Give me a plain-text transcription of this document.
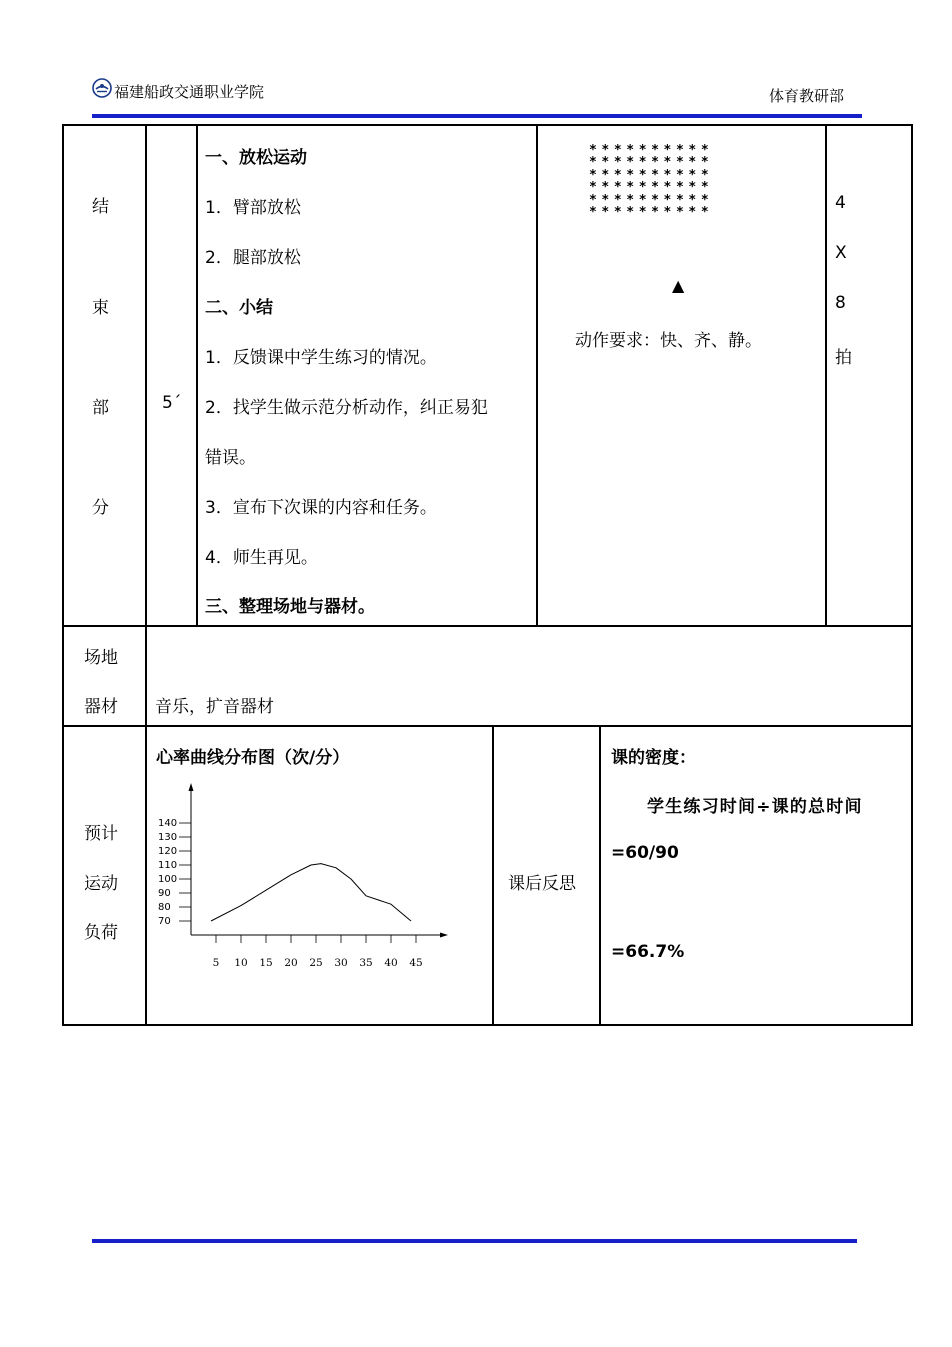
福建船政交通职业学院	体育教研部
结
束
部
分
5´
一、放松运动
1．臂部放松
2．腿部放松
二、小结
1．反馈课中学生练习的情况。
2．找学生做示范分析动作，纠正易犯
错误。
3．宣布下次课的内容和任务。
4．师生再见。
三、整理场地与器材。
**********
**********
**********
**********
**********
**********
▲
动作要求：快、齐、静。
4
X
8
拍
场地
器材 音乐，扩音器材
预计
运动
负荷
心率曲线分布图（次/分）
70
80
90
100
110
120
130
140
5 10 15 20 25 30 35 40 45
课后反思
课的密度：
学生练习时间÷课的总时间
=60/90
=66.7%
